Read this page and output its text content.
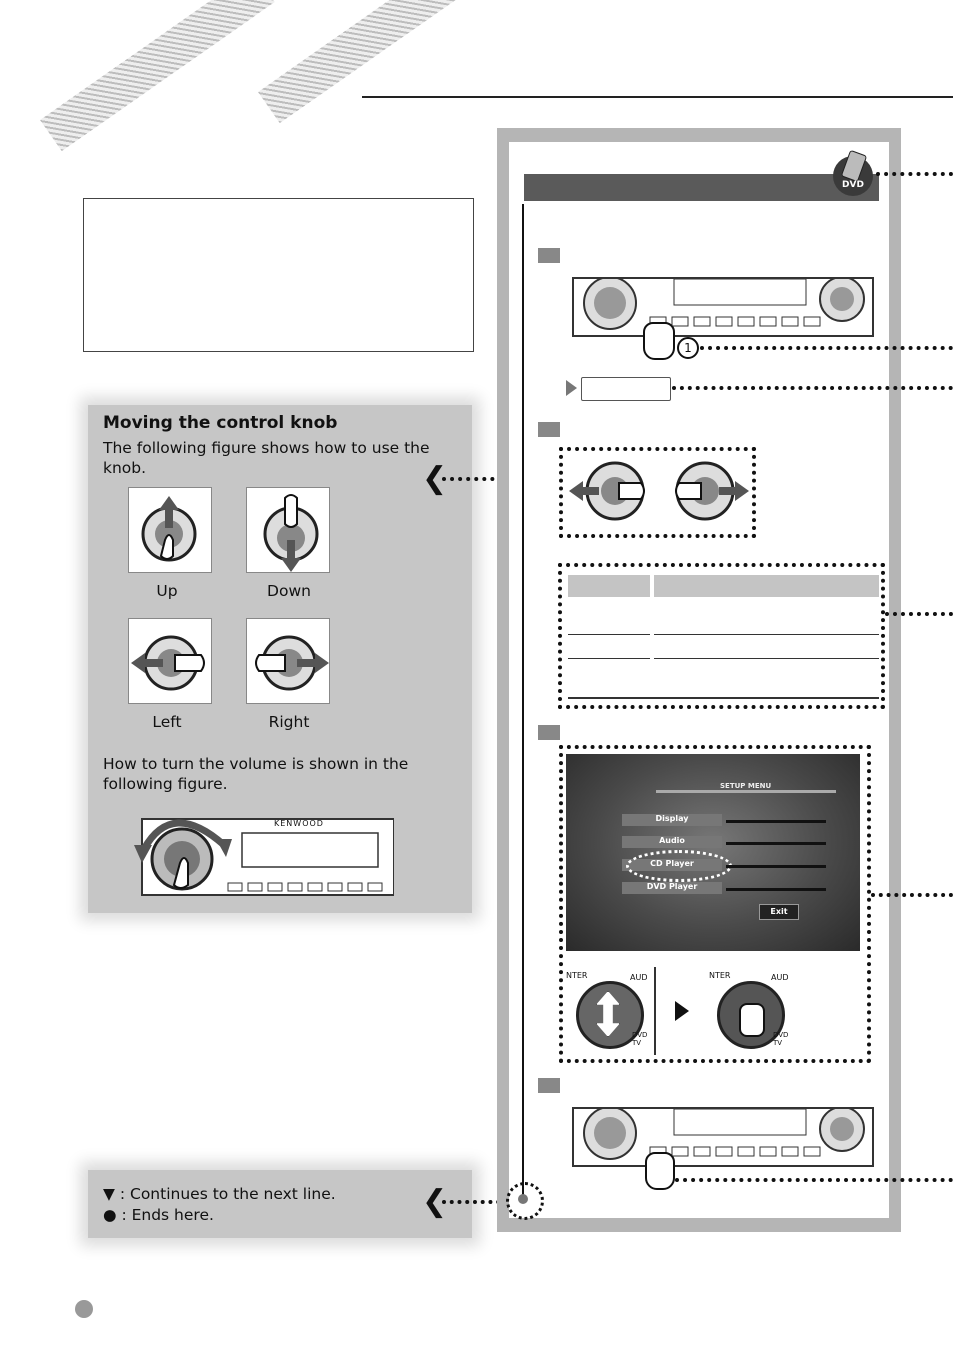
Moving the control knob
The following figure shows how to use the knob.
Up	Down
Left	Right
How to turn the volume is shown in the following figure.
KENWOOD
▼ : Continues to the next line.
● : Ends here.
❮
❮
DVD
1
SETUP MENU
Display
Audio
CD Player
DVD Player
Exit
NTER	AUD
DVD TV
NTER	AUD
DVD TV
